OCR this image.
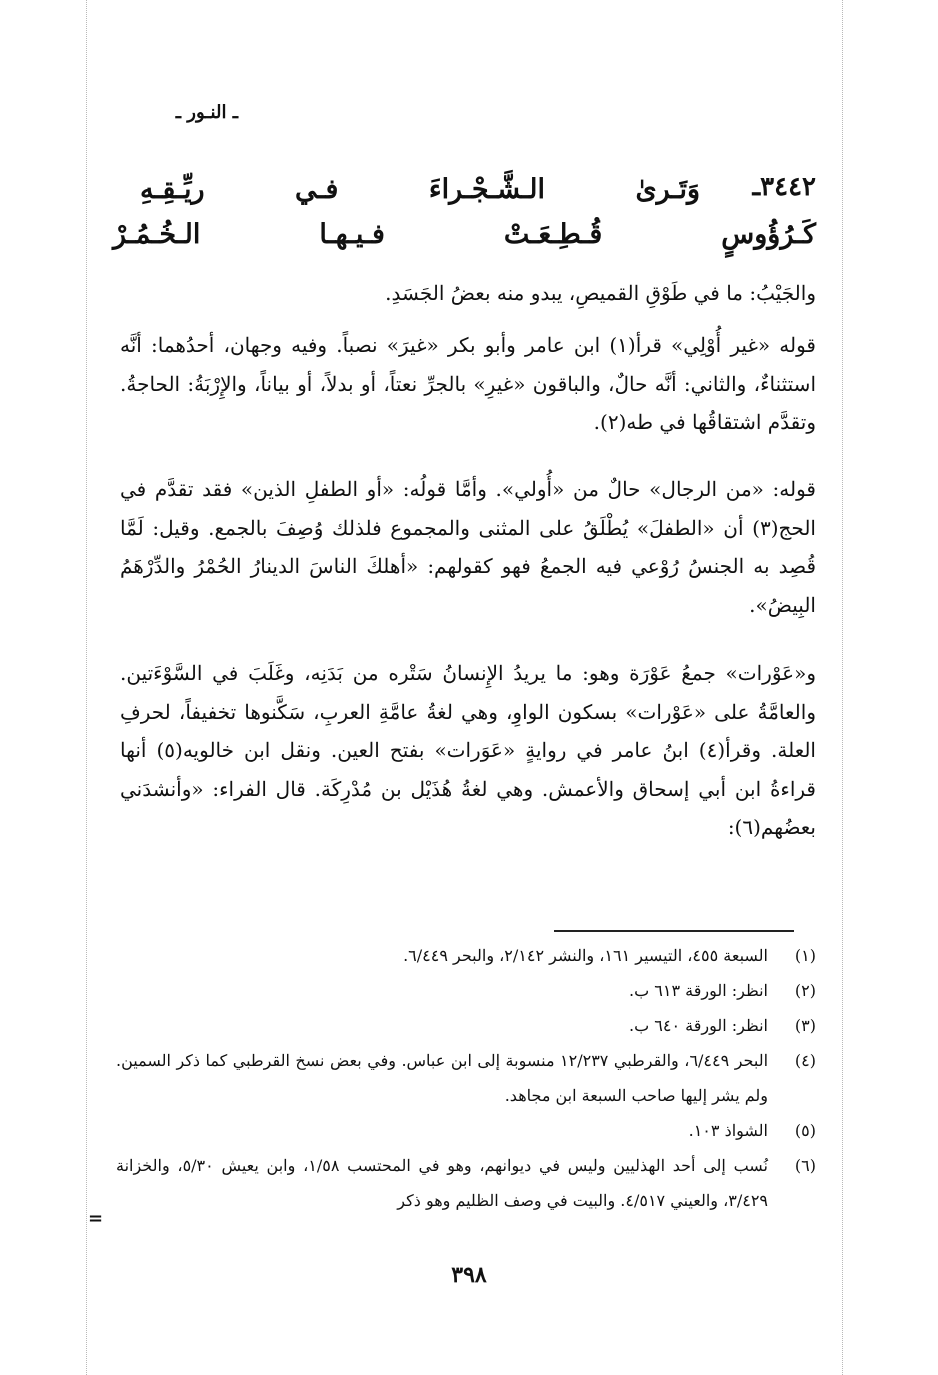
ـ النـور ـ
٣٤٤٢ـ
وَتَـرىٰ الـشَّـجْـراءَ فـي ريِّـقِـهِ
كَـرُؤُوسٍ قُـطِـعَـتْ فـيـهـا الـخُـمُـرْ

والجَيْبُ: ما في طَوْقِ القميصِ، يبدو منه بعضُ الجَسَدِ.

قوله «غير أُوْلِي» قرأ(١) ابن عامر وأبو بكر «غيرَ» نصباً. وفيه وجهان، أحدُهما: أنَّه استثناءٌ، والثاني: أنَّه حالٌ، والباقون «غيرِ» بالجرِّ نعتاً، أو بدلاً، أو بياناً، والإِرْبَةُ: الحاجةُ. وتقدَّم اشتقاقُها في طه(٢).

قوله: «من الرجال» حالٌ من «أُولي». وأمَّا قولُه: «أو الطفلِ الذين» فقد تقدَّم في الحج(٣) أن «الطفلَ» يُطْلَقُ على المثنى والمجموع فلذلك وُصِفَ بالجمع. وقيل: لَمَّا قُصِد به الجنسُ رُوْعي فيه الجمعُ فهو كقولهم: «أهلكَ الناسَ الدينارُ الحُمْرُ والدِّرْهَمُ البِيضُ».

و«عَوْرات» جمعُ عَوْرَة وهو: ما يريدُ الإِنسانُ سَتْره من بَدَنِه، وغَلَبَ في السَّوْءَتين. والعامَّةُ على «عَوْرات» بسكون الواوِ، وهي لغةُ عامَّةِ العربِ، سَكَّنوها تخفيفاً، لحرفِ العلة. وقرأ(٤) ابنُ عامر في روايةٍ «عَوَرات» بفتح العين. ونقل ابن خالويه(٥) أنها قراءةُ ابن أبي إسحاق والأعمش. وهي لغةُ هُذَيْل بن مُدْرِكَة. قال الفراء: «وأنشدَني بعضُهم(٦):

(١)
السبعة ٤٥٥، التيسير ١٦١، والنشر ٢/١٤٢، والبحر ٦/٤٤٩.
(٢)
انظر: الورقة ٦١٣ ب.
(٣)
انظر: الورقة ٦٤٠ ب.
(٤)
البحر ٦/٤٤٩، والقرطبي ١٢/٢٣٧ منسوبة إلى ابن عباس. وفي بعض نسخ القرطبي كما ذكر السمين. ولم يشر إليها صاحب السبعة ابن مجاهد.
(٥)
الشواذ ١٠٣.
(٦)
نُسب إلى أحد الهذليين وليس في ديوانهم، وهو في المحتسب ١/٥٨، وابن يعيش ٥/٣٠، والخزانة ٣/٤٢٩، والعيني ٤/٥١٧. والبيت في وصف الظليم وهو ذكر
=
٣٩٨
